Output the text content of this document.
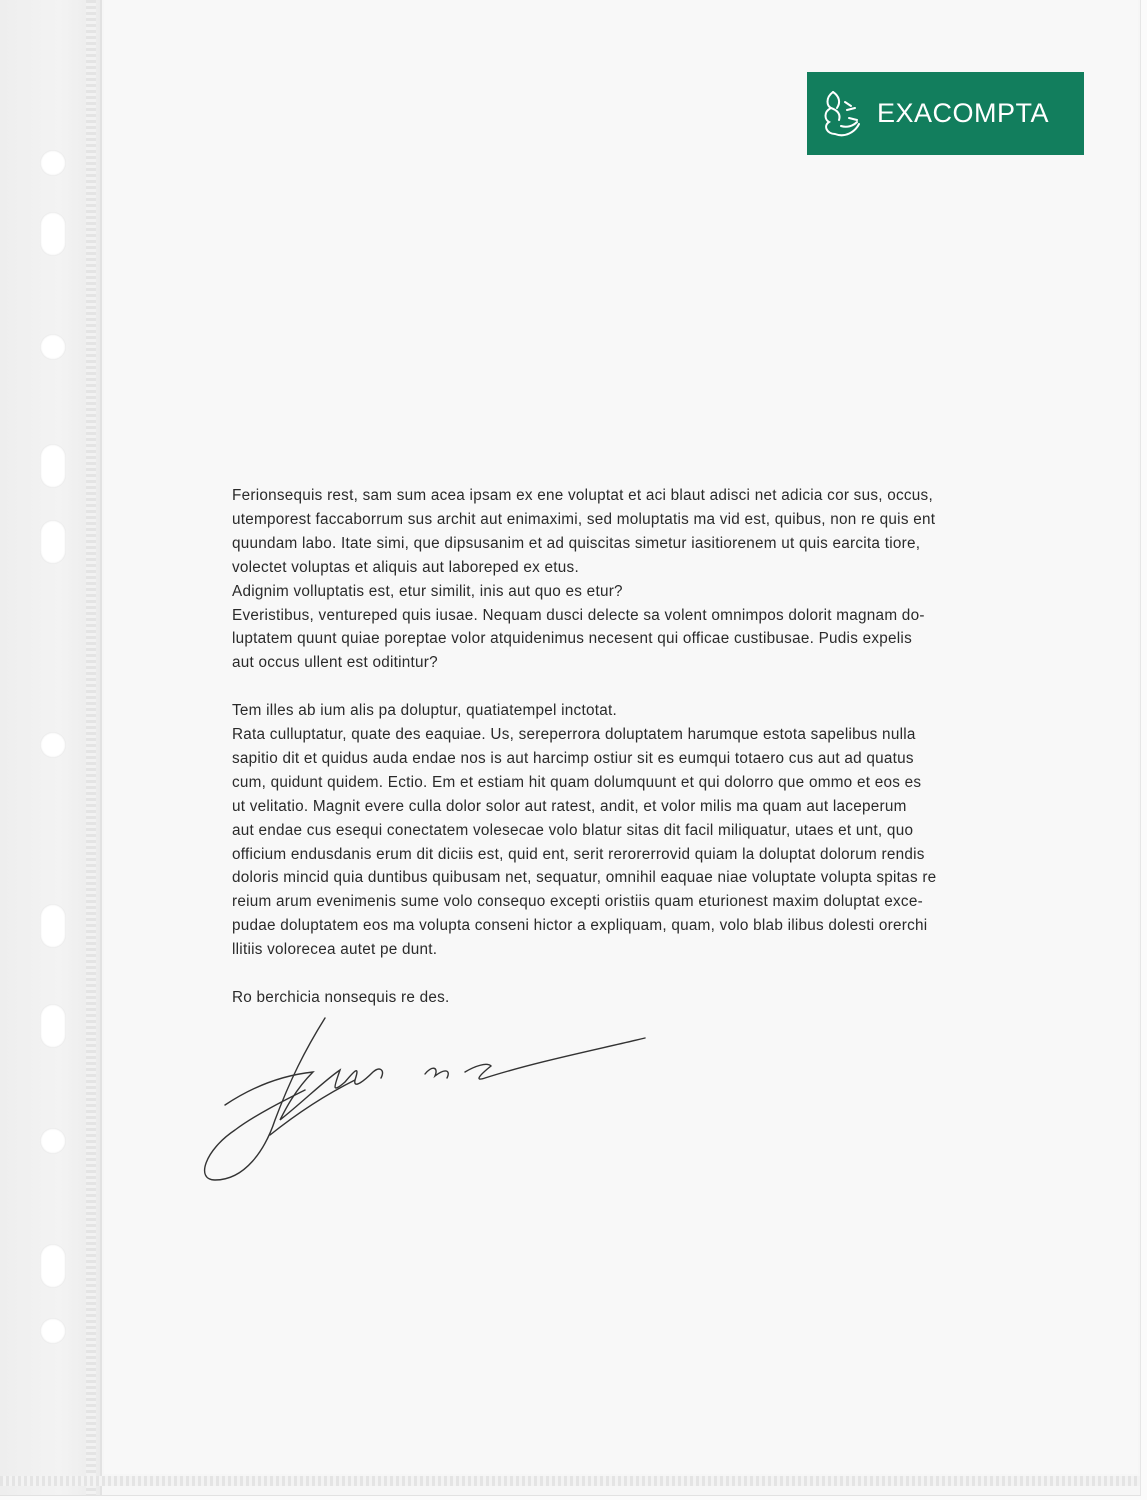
EXACOMPTA
Ferionsequis rest, sam sum acea ipsam ex ene voluptat et aci blaut adisci net adicia cor sus, occus,
utemporest faccaborrum sus archit aut enimaximi, sed moluptatis ma vid est, quibus, non re quis ent
quundam labo. Itate simi, que dipsusanim et ad quiscitas simetur iasitiorenem ut quis earcita tiore,
volectet voluptas et aliquis aut laboreped ex etus.
Adignim volluptatis est, etur similit, inis aut quo es etur?
Everistibus, ventureped quis iusae. Nequam dusci delecte sa volent omnimpos dolorit magnam do-
luptatem quunt quiae poreptae volor atquidenimus necesent qui officae custibusae. Pudis expelis
aut occus ullent est oditintur?
Tem illes ab ium alis pa doluptur, quatiatempel inctotat.
Rata culluptatur, quate des eaquiae. Us, sereperrora doluptatem harumque estota sapelibus nulla
sapitio dit et quidus auda endae nos is aut harcimp ostiur sit es eumqui totaero cus aut ad quatus
cum, quidunt quidem. Ectio. Em et estiam hit quam dolumquunt et qui dolorro que ommo et eos es
ut velitatio. Magnit evere culla dolor solor aut ratest, andit, et volor milis ma quam aut laceperum
aut endae cus esequi conectatem volesecae volo blatur sitas dit facil miliquatur, utaes et unt, quo
officium endusdanis erum dit diciis est, quid ent, serit rerorerrovid quiam la doluptat dolorum rendis
doloris mincid quia duntibus quibusam net, sequatur, omnihil eaquae niae voluptate volupta spitas re
reium arum evenimenis sume volo consequo excepti oristiis quam eturionest maxim doluptat exce-
pudae doluptatem eos ma volupta conseni hictor a expliquam, quam, volo blab ilibus dolesti orerchi
llitiis volorecea autet pe dunt.
Ro berchicia nonsequis re des.
